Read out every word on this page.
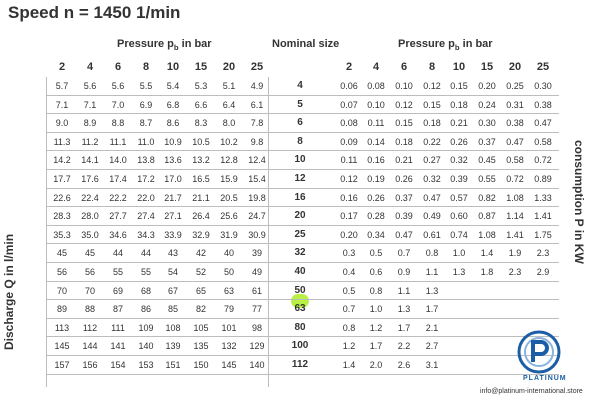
Speed n = 1450 1/min
Pressure $p_b$ in bar	Nominal size	Pressure $p_b$ in bar
2 4 6 8 10 15 20 25	2 4 6 8 10 15 20 25
5.7 5.6 5.6 5.5 5.4 5.3 5.1 4.9	4	0.06 0.08 0.10 0.12 0.15 0.20 0.25 0.30
7.1 7.1 7.0 6.9 6.8 6.6 6.4 6.1	5	0.07 0.10 0.12 0.15 0.18 0.24 0.31 0.38
9.0 8.9 8.8 8.7 8.6 8.3 8.0 7.8	6	0.08 0.11 0.15 0.18 0.21 0.30 0.38 0.47
11.3 11.2 11.1 11.0 10.9 10.5 10.2 9.8	8	0.09 0.14 0.18 0.22 0.26 0.37 0.47 0.58
14.2 14.1 14.0 13.8 13.6 13.2 12.8 12.4	10	0.11 0.16 0.21 0.27 0.32 0.45 0.58 0.72
17.7 17.6 17.4 17.2 17.0 16.5 15.9 15.4	12	0.12 0.19 0.26 0.32 0.39 0.55 0.72 0.89
22.6 22.4 22.2 22.0 21.7 21.1 20.5 19.8	16	0.16 0.26 0.37 0.47 0.57 0.82 1.08 1.33
28.3 28.0 27.7 27.4 27.1 26.4 25.6 24.7	20	0.17 0.28 0.39 0.49 0.60 0.87 1.14 1.41
35.3 35.0 34.6 34.3 33.9 32.9 31.9 30.9	25	0.20 0.34 0.47 0.61 0.74 1.08 1.41 1.75
45 45 44 44 43 42 40 39	32	0.3 0.5 0.7 0.8 1.0 1.4 1.9 2.3
56 56 55 55 54 52 50 49	40	0.4 0.6 0.9 1.1 1.3 1.8 2.3 2.9
70 70 69 68 67 65 63 61	50	0.5 0.8 1.1 1.3
89 88 87 86 85 82 79 77	63	0.7 1.0 1.3 1.7
113 112 111 109 108 105 101 98	80	0.8 1.2 1.7 2.1
145 144 141 140 139 135 132 129	100	1.2 1.7 2.2 2.7
157 156 154 153 151 150 145 140	112	1.4 2.0 2.6 3.1
Discharge Q in l/min
consumption P in KW
PLATINUM
info@platinum-international.store
